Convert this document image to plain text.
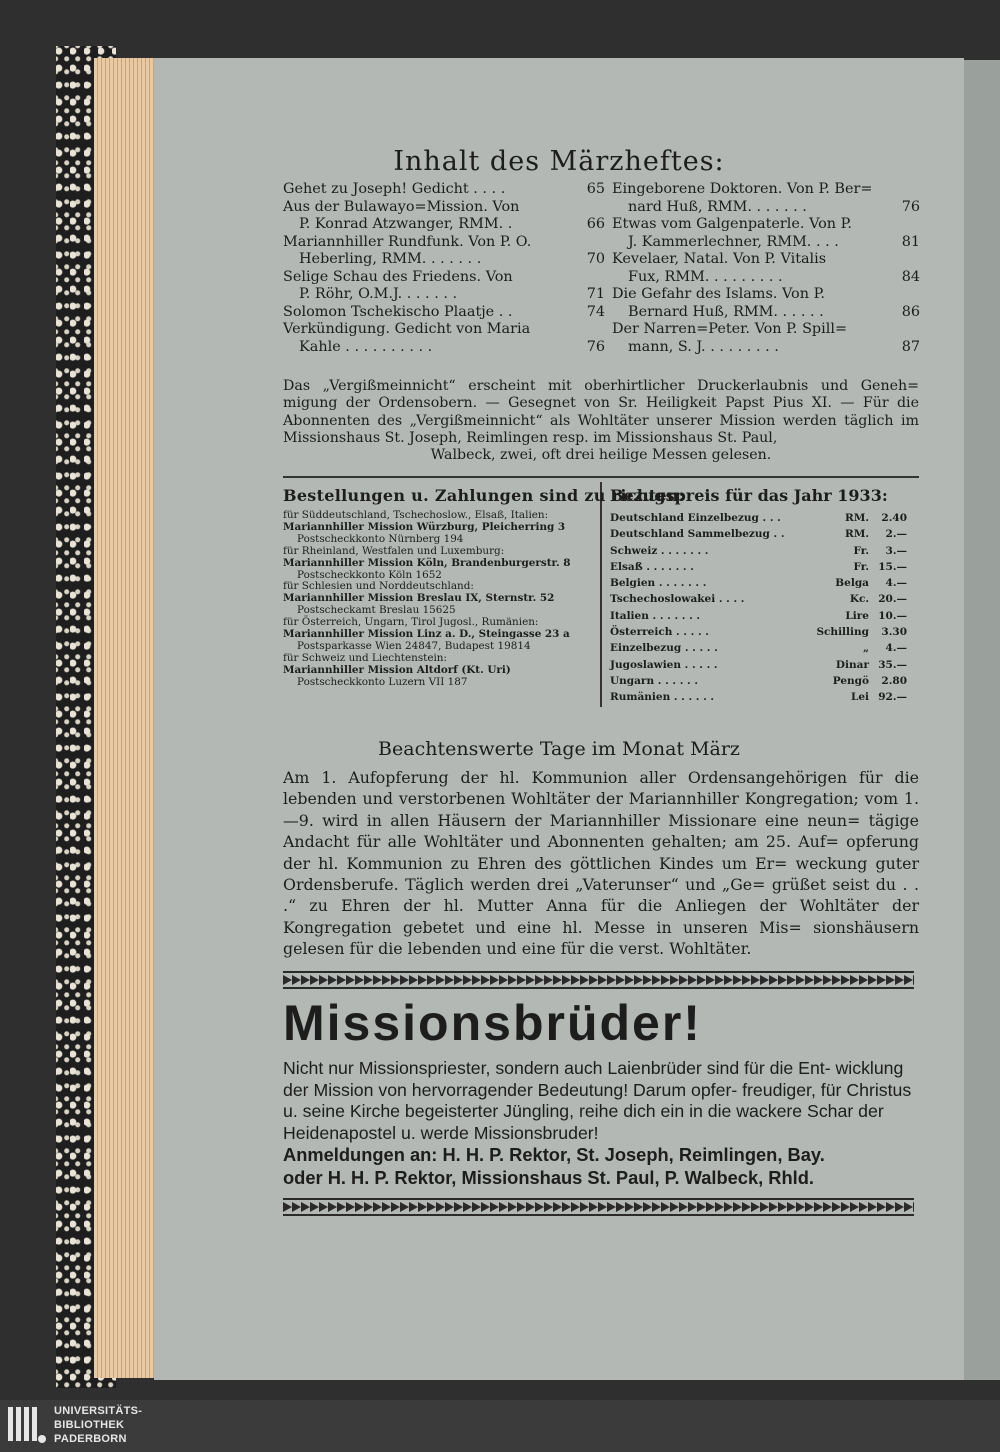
Inhalt des Märzheftes:
Gehet zu Joseph! Gedicht . . . .	65
Aus der Bulawayo=Mission. Von
P. Konrad Atzwanger, RMM. .	66
Mariannhiller Rundfunk. Von P. O.
Heberling, RMM. . . . . . .	70
Selige Schau des Friedens. Von
P. Röhr, O.M.J. . . . . . .	71
Solomon Tschekischo Plaatje . .	74
Verkündigung. Gedicht von Maria
Kahle . . . . . . . . . .	76
Eingeborene Doktoren. Von P. Ber=
nard Huß, RMM. . . . . . .	76
Etwas vom Galgenpaterle. Von P.
J. Kammerlechner, RMM. . . .	81
Kevelaer, Natal. Von P. Vitalis
Fux, RMM. . . . . . . . .	84
Die Gefahr des Islams. Von P.
Bernard Huß, RMM. . . . . .	86
Der Narren=Peter. Von P. Spill=
mann, S. J. . . . . . . . .	87
Das „Vergißmeinnicht“ erscheint mit oberhirtlicher Druckerlaubnis und Geneh= migung der Ordensobern. — Gesegnet von Sr. Heiligkeit Papst Pius XI. — Für die Abonnenten des „Vergißmeinnicht“ als Wohltäter unserer Mission werden täglich im Missionshaus St. Joseph, Reimlingen resp. im Missionshaus St. Paul,
Walbeck, zwei, oft drei heilige Messen gelesen.
Bestellungen u. Zahlungen sind zu richten:
für Süddeutschland, Tschechoslow., Elsaß, Italien:
Mariannhiller Mission Würzburg, Pleicherring 3
Postscheckkonto Nürnberg 194
für Rheinland, Westfalen und Luxemburg:
Mariannhiller Mission Köln, Brandenburgerstr. 8
Postscheckkonto Köln 1652
für Schlesien und Norddeutschland:
Mariannhiller Mission Breslau IX, Sternstr. 52
Postscheckamt Breslau 15625
für Österreich, Ungarn, Tirol Jugosl., Rumänien:
Mariannhiller Mission Linz a. D., Steingasse 23 a
Postsparkasse Wien 24847, Budapest 19814
für Schweiz und Liechtenstein:
Mariannhiller Mission Altdorf (Kt. Uri)
Postscheckkonto Luzern VII 187
Bezugspreis für das Jahr 1933:
Deutschland Einzelbezug . . .	RM.	2.40
Deutschland Sammelbezug . .	RM.	2.—
Schweiz . . . . . . .	Fr.	3.—
Elsaß . . . . . . .	Fr. 15.—
Belgien . . . . . . .	Belga	4.—
Tschechoslowakei . . . .	Kc. 20.—
Italien . . . . . . .	Lire 10.—
Österreich . . . . .	Schilling	3.30
Einzelbezug . . . . .	„	4.—
Jugoslawien . . . . .	Dinar 35.—
Ungarn . . . . . .	Pengö	2.80
Rumänien . . . . . .	Lei 92.—
Beachtenswerte Tage im Monat März
Am 1. Aufopferung der hl. Kommunion aller Ordensangehörigen für die lebenden und verstorbenen Wohltäter der Mariannhiller Kongregation; vom 1.—9. wird in allen Häusern der Mariannhiller Missionare eine neun= tägige Andacht für alle Wohltäter und Abonnenten gehalten; am 25. Auf= opferung der hl. Kommunion zu Ehren des göttlichen Kindes um Er= weckung guter Ordensberufe. Täglich werden drei „Vaterunser“ und „Ge= grüßet seist du . . .“ zu Ehren der hl. Mutter Anna für die Anliegen der Wohltäter der Kongregation gebetet und eine hl. Messe in unseren Mis= sionshäusern gelesen für die lebenden und eine für die verst. Wohltäter.
Missionsbrüder!
Nicht nur Missionspriester, sondern auch Laienbrüder sind für die Ent- wicklung der Mission von hervorragender Bedeutung! Darum opfer- freudiger, für Christus u. seine Kirche begeisterter Jüngling, reihe dich ein in die wackere Schar der Heidenapostel u. werde Missionsbruder!
Anmeldungen an: H. H. P. Rektor, St. Joseph, Reimlingen, Bay.
oder H. H. P. Rektor, Missionshaus St. Paul, P. Walbeck, Rhld.
UNIVERSITÄTS-
BIBLIOTHEK
PADERBORN
